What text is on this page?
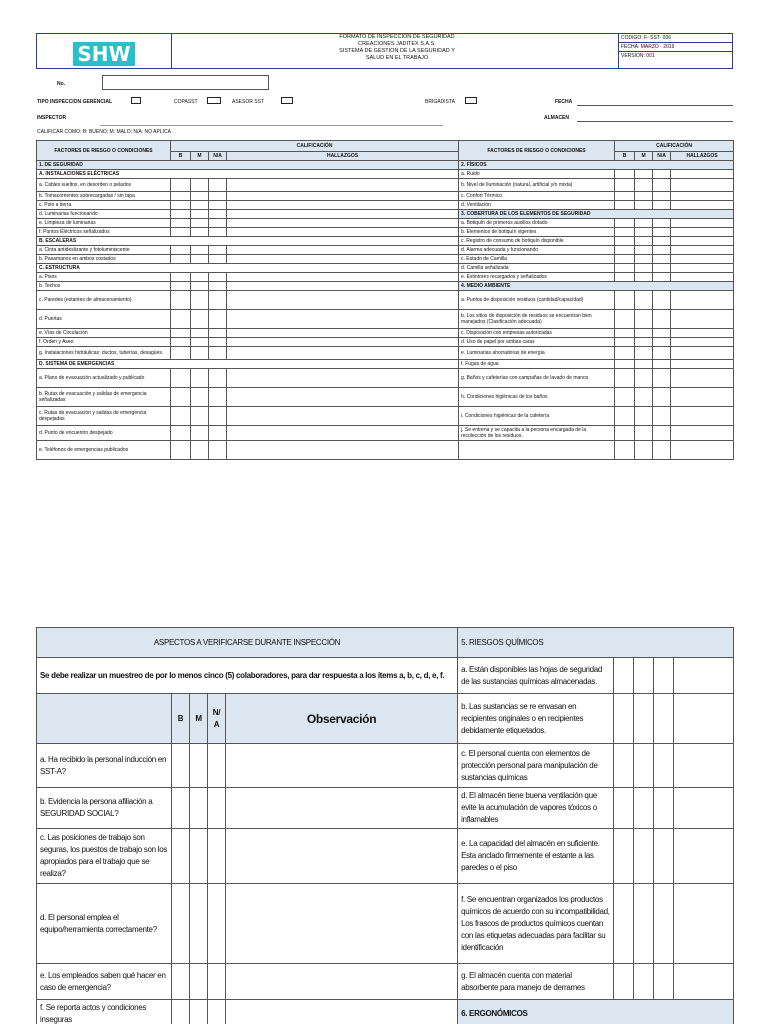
SHW
FORMATO DE INSPECCION DE SEGURIDAD
CREACIONES JADITEX S.A.S.
SISTEMA DE GESTION DE LA SEGURIDAD Y
SALUD EN EL TRABAJO
CODIGO: F- SST- 006
FECHA: MARZO - 2019
VERSION: 001
No.
TIPO INSPECCION GERENCIAL	COPASST	ASESOR SST	BRIGADISTA	FECHA
INSPECTOR	ALMACEN
CALIFICAR COMO: B: BUENO; M: MALO; N/A: NO APLICA
FACTORES DE RIESGO O CONDICIONES	CALIFICACIÓN				FACTORES DE RIESGO O CONDICIONES	CALIFICACIÓN			
	B	M	N/A	HALLAZGOS		B	M	N/A	HALLAZGOS
1. DE SEGURIDAD					2. FÍSICOS				
A. INSTALACIONES ELÉCTRICAS					a. Ruido				
a. Cables sueltos, en desorden o pelados					b. Nivel de Iluminación (natural, artificial y/o mixta)				
b. Tomacorrientes sobrecargadas / sin tapa					c. Confort Térmico				
c. Polo a tierra					d. Ventilación				
d. Luminarias funcionando					3. COBERTURA DE LOS ELEMENTOS DE SEGURIDAD				
e. Limpieza de luminarias					a. Botiquín de primeros auxilios dotado				
f. Puntos Eléctricos señalizados					b. Elementos de botiquín vigentes				
B. ESCALERAS					c. Registro de consumo de botiquín disponible				
a. Cinta antideslizante y fotoluminiscente					d. Alarma adecuada y funcionando				
b. Pasamanos en ambos costados					c. Estado de Camilla				
C. ESTRUCTURA					d. Camilla señalizada				
a. Pisos					e. Extintores recargados y señalizados				
b. Techos					4. MEDIO AMBIENTE				
c. Paredes (estantes de almacenamiento)					a. Puntos de disposición residuos (cantidad/capacidad)				
d. Puertas					b. Los sitios de disposición de residuos se encuentran bien manejados (Clasificación adecuada)				
e. Vías de Circulación					c. Disposición con empresas autorizadas				
f. Orden y Aseo					d. Uso de papel por ambas caras				
g. Instalaciones hidráulicas: ductos, tuberías, desagües.					e. Luminarias ahorradoras de energía				
D. SISTEMA DE EMERGENCIAS					f. Fugas de agua				
a. Plano de evacuación actualizado y publicado					g. Baños y cafeterías con campañas de lavado de manos				
b. Rutas de evacuación y salidas de emergencia señalizadas					h. Condiciones higiénicas de los baños				
c. Rutas de evacuación y salidas de emergencia despejadas					i. Condiciones higiénicas de la cafetería				
d. Punto de encuentro despejado					j. Se entrena y se capacita a la persona encargada de la recolección de los residuos.				
e. Teléfonos de emergencias publicados									
ASPECTOS A VERIFICARSE DURANTE INSPECCIÓN					5. RIESGOS QUÍMICOS				
Se debe realizar un muestreo de por lo menos cinco (5) colaboradores, para dar respuesta a los ítems a, b, c, d, e, f.					a. Están disponibles las hojas de seguridad de las sustancias químicas almacenadas.				
	B	M	N/ A	Observación	b. Las sustancias se re envasan en recipientes originales o en recipientes debidamente etiquetados.				
a. Ha recibido la personal inducción en SST-A?					c. El personal cuenta con elementos de protección personal para manipulación de sustancias químicas				
b. Evidencia la persona afiliación a SEGURIDAD SOCIAL?					d. El almacén tiene buena ventilación que evite la acumulación de vapores tóxicos o inflamables				
c. Las posiciones de trabajo son seguras, los puestos de trabajo son los apropiados para el trabajo que se realiza?					e. La capacidad del almacén en suficiente. Esta anclado firmemente el estante a las paredes o el piso				
d. El personal emplea el equipo/herramienta correctamente?					f. Se encuentran organizados los productos químicos de acuerdo con su incompatibilidad, Los frascos de productos químicos cuentan con las etiquetas adecuadas para facilitar su identificación				
e. Los empleados saben qué hacer en caso de emergencia?					g. El almacén cuenta con material absorbente para manejo de derrames				
f. Se reporta actos y condiciones inseguras					6. ERGONÓMICOS				
